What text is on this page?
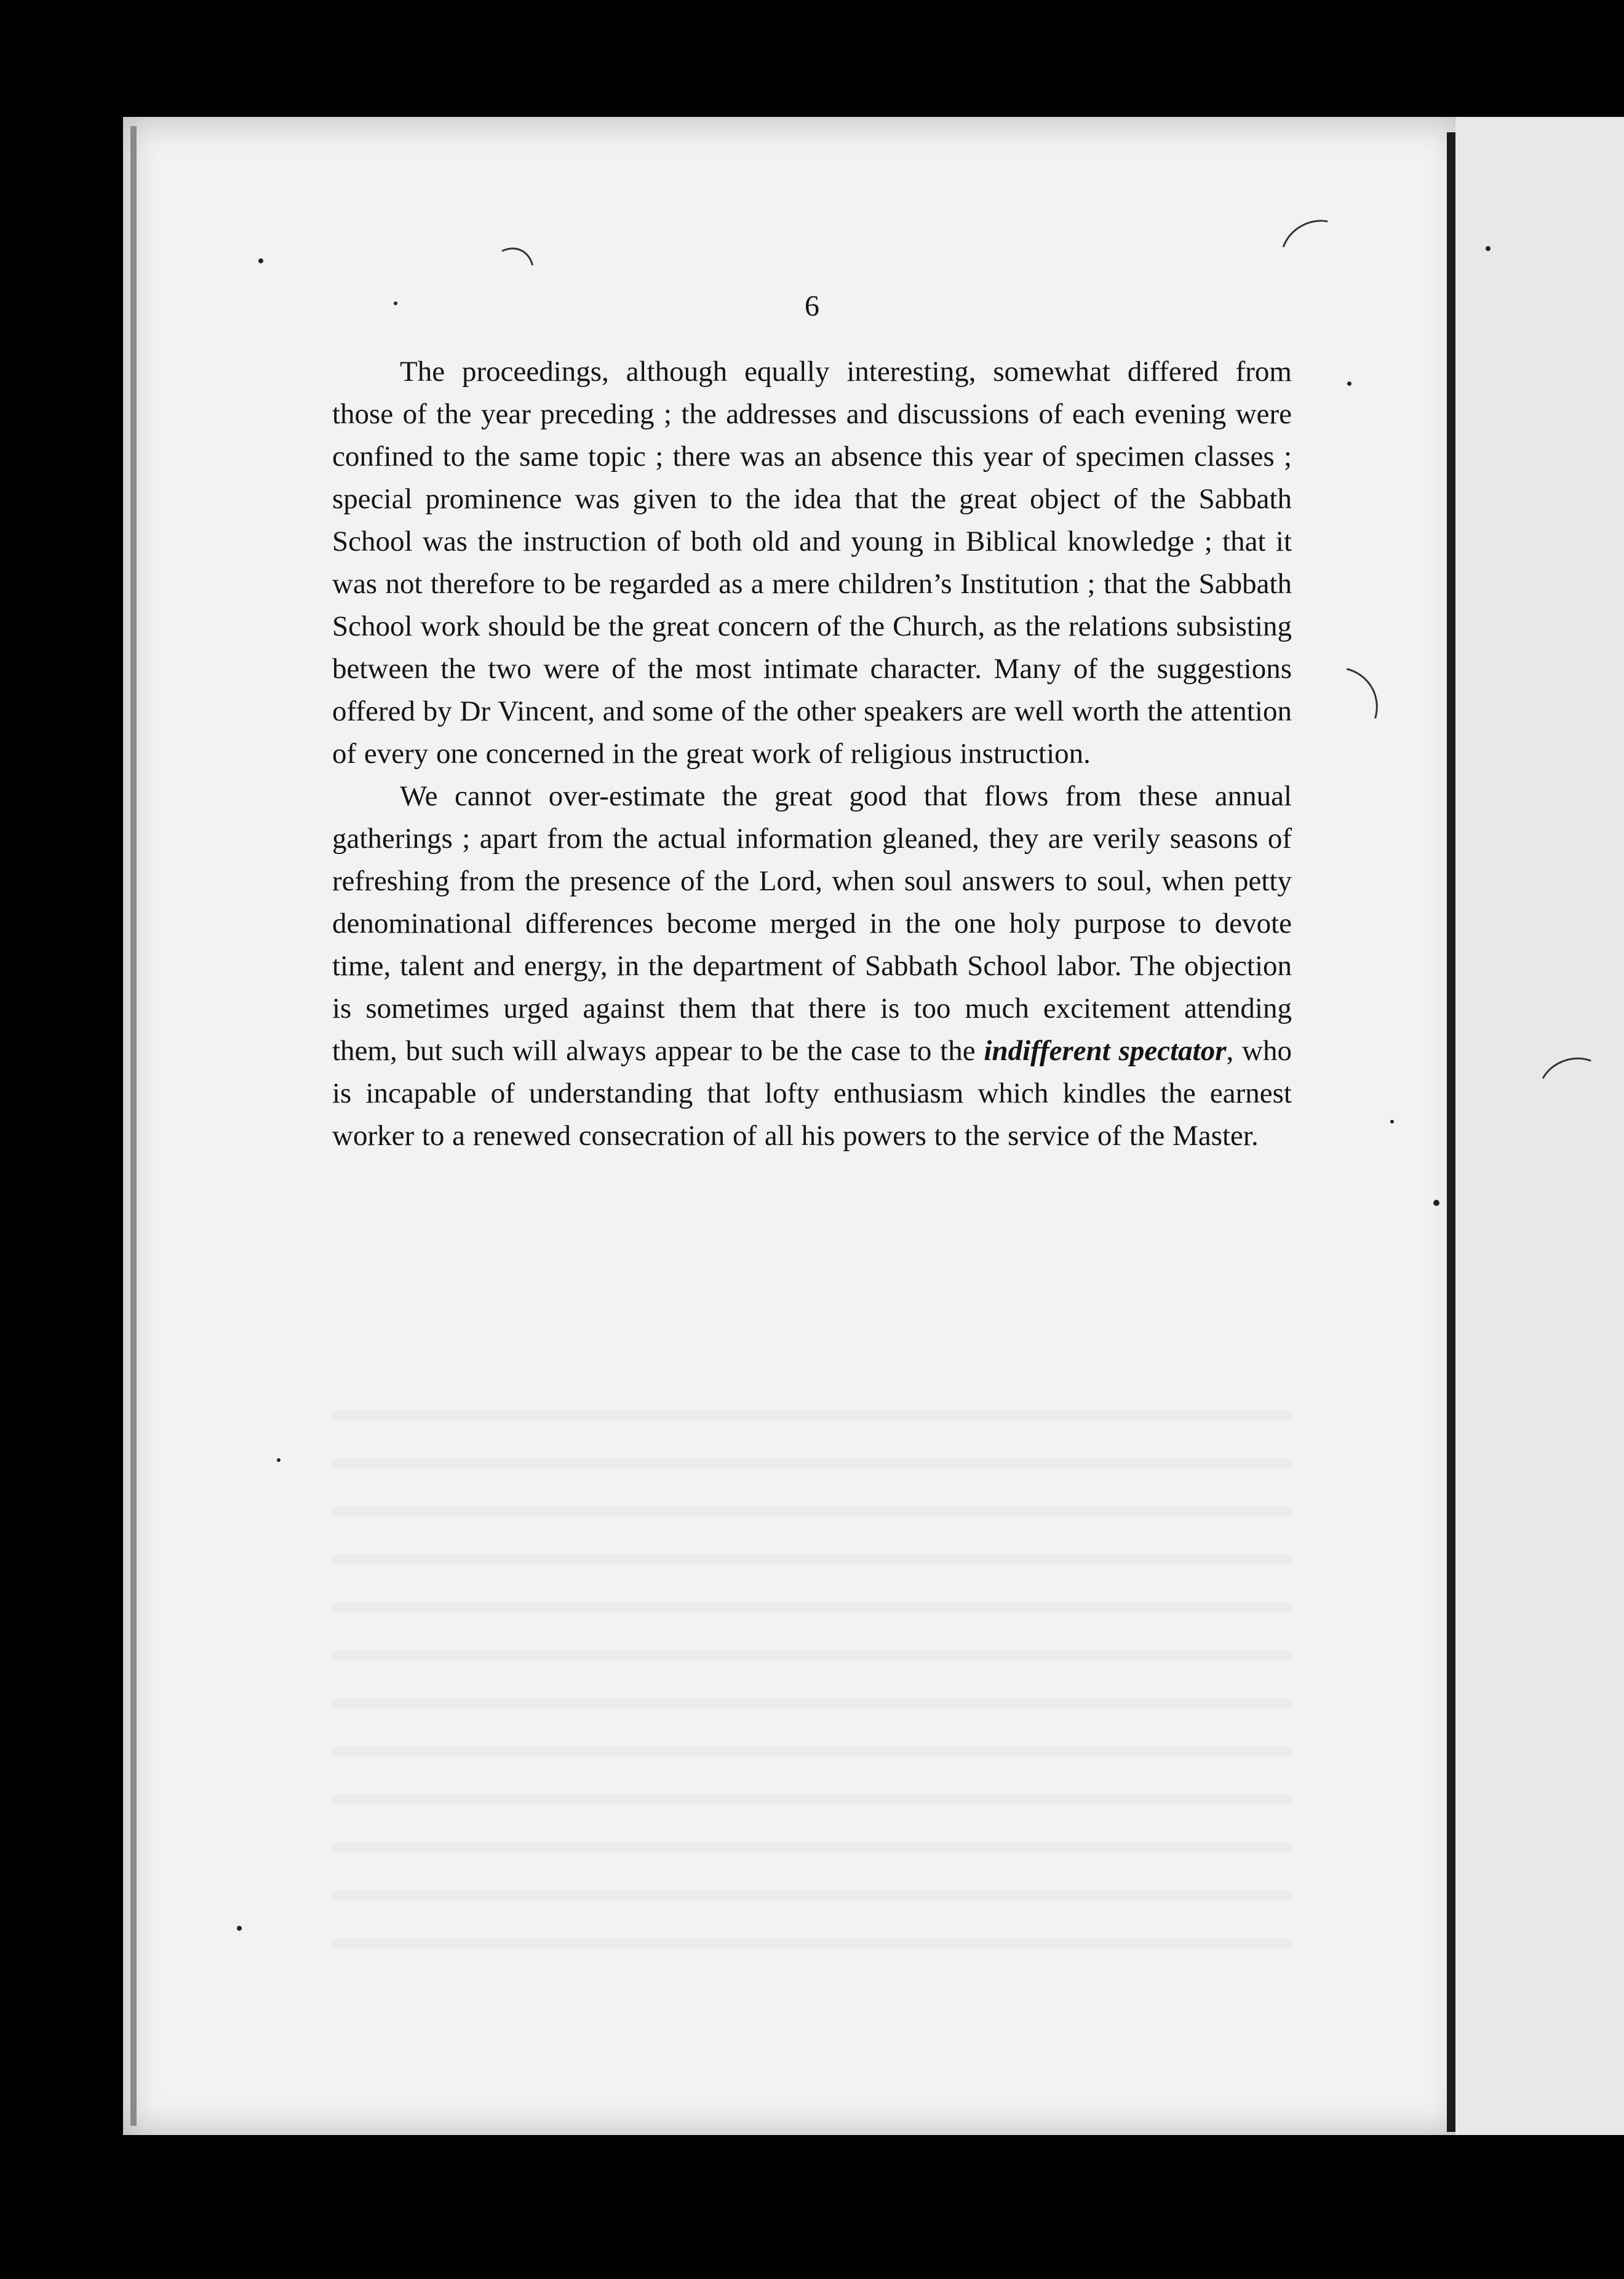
6

The proceedings, although equally interesting, somewhat differed from those of the year preceding ; the addresses and discussions of each evening were confined to the same topic ; there was an absence this year of specimen classes ; special prominence was given to the idea that the great object of the Sabbath School was the instruction of both old and young in Biblical knowledge ; that it was not therefore to be regarded as a mere children’s Institution ; that the Sabbath School work should be the great concern of the Church, as the relations subsisting between the two were of the most intimate character. Many of the suggestions offered by Dr Vincent, and some of the other speakers are well worth the attention of every one concerned in the great work of religious instruction.

We cannot over-estimate the great good that flows from these annual gatherings ; apart from the actual information gleaned, they are verily seasons of refreshing from the presence of the Lord, when soul answers to soul, when petty denominational differences become merged in the one holy purpose to devote time, talent and energy, in the department of Sabbath School labor. The objection is sometimes urged against them that there is too much excitement attending them, but such will always appear to be the case to the indifferent spectator, who is incapable of understanding that lofty enthusiasm which kindles the earnest worker to a renewed consecration of all his powers to the service of the Master.
